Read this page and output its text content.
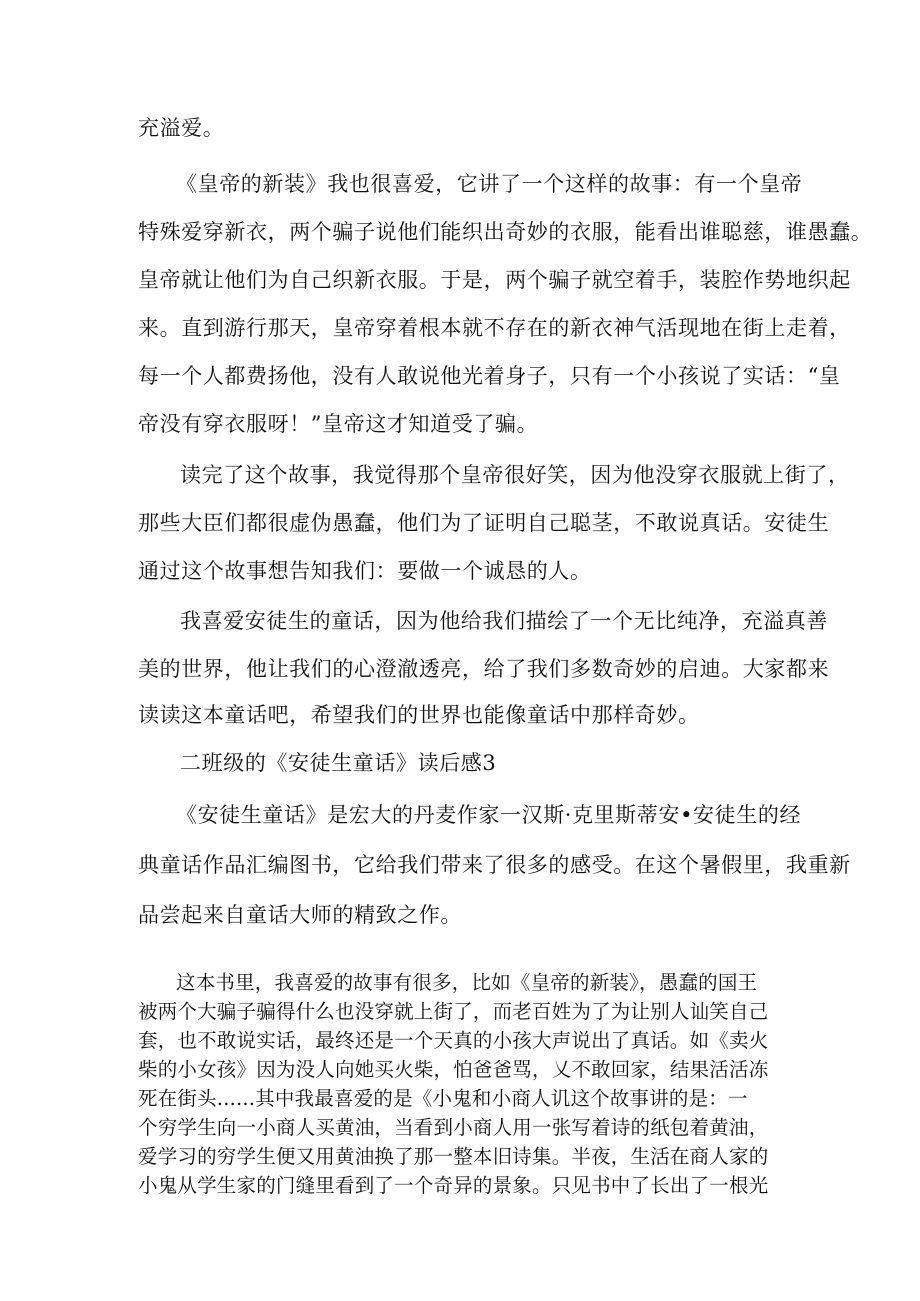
充溢爱。

《皇帝的新装》我也很喜爱，它讲了一个这样的故事：有一个皇帝

特殊爱穿新衣，两个骗子说他们能织出奇妙的衣服，能看出谁聪慈，谁愚蠢。

皇帝就让他们为自己织新衣服。于是，两个骗子就空着手，装腔作势地织起

来。直到游行那天，皇帝穿着根本就不存在的新衣神气活现地在街上走着，

每一个人都费扬他，没有人敢说他光着身子，只有一个小孩说了实话：“皇

帝没有穿衣服呀！”皇帝这才知道受了骗。

读完了这个故事，我觉得那个皇帝很好笑，因为他没穿衣服就上街了，

那些大臣们都很虚伪愚蠢，他们为了证明自己聪茎，不敢说真话。安徒生

通过这个故事想告知我们：要做一个诚恳的人。

我喜爱安徒生的童话，因为他给我们描绘了一个无比纯净，充溢真善

美的世界，他让我们的心澄澈透亮，给了我们多数奇妙的启迪。大家都来

读读这本童话吧，希望我们的世界也能像童话中那样奇妙。

二班级的《安徒生童话》读后感3

《安徒生童话》是宏大的丹麦作家一汉斯·克里斯蒂安•安徒生的经

典童话作品汇编图书，它给我们带来了很多的感受。在这个暑假里，我重新

品尝起来自童话大师的精致之作。

这本书里，我喜爱的故事有很多，比如《皇帝的新装》，愚蠢的国王

被两个大骗子骗得什么也没穿就上街了，而老百姓为了为让别人讪笑自己

套，也不敢说实话，最终还是一个天真的小孩大声说出了真话。如《卖火

柴的小女孩》因为没人向她买火柴，怕爸爸骂，乂不敢回家，结果活活冻

死在街头......其中我最喜爱的是《小鬼和小商人讥这个故事讲的是：一

个穷学生向一小商人买黄油，当看到小商人用一张写着诗的纸包着黄油，

爱学习的穷学生便又用黄油换了那一整本旧诗集。半夜，生活在商人家的

小鬼从学生家的门缝里看到了一个奇异的景象。只见书中了长出了一根光
